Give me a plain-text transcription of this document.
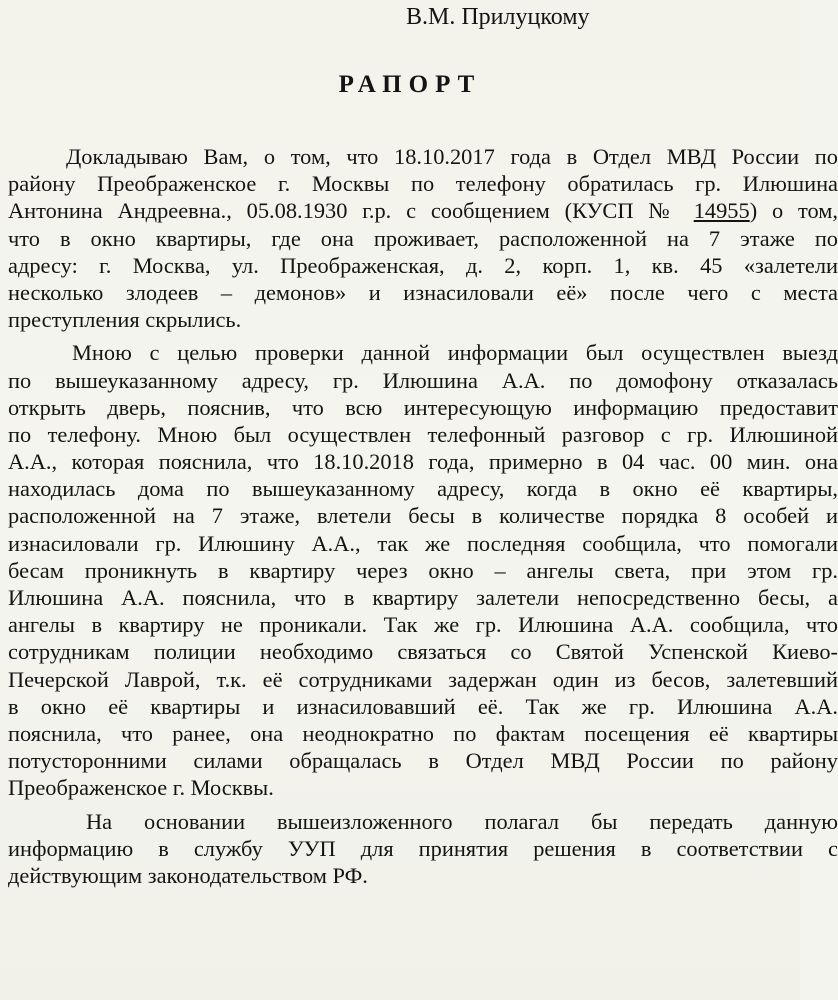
В.М. Прилуцкому
РАПОРТ
Докладываю Вам, о том, что 18.10.2017 года в Отдел МВД России по
району Преображенское г. Москвы по телефону обратилась гр. Илюшина
Антонина Андреевна., 05.08.1930 г.р. с сообщением (КУСП № 14955) о том,
что в окно квартиры, где она проживает, расположенной на 7 этаже по
адресу: г. Москва, ул. Преображенская, д. 2, корп. 1, кв. 45 «залетели
несколько злодеев – демонов» и изнасиловали её» после чего с места
преступления скрылись.
Мною с целью проверки данной информации был осуществлен выезд
по вышеуказанному адресу, гр. Илюшина А.А. по домофону отказалась
открыть дверь, пояснив, что всю интересующую информацию предоставит
по телефону. Мною был осуществлен телефонный разговор с гр. Илюшиной
А.А., которая пояснила, что 18.10.2018 года, примерно в 04 час. 00 мин. она
находилась дома по вышеуказанному адресу, когда в окно её квартиры,
расположенной на 7 этаже, влетели бесы в количестве порядка 8 особей и
изнасиловали гр. Илюшину А.А., так же последняя сообщила, что помогали
бесам проникнуть в квартиру через окно – ангелы света, при этом гр.
Илюшина А.А. пояснила, что в квартиру залетели непосредственно бесы, а
ангелы в квартиру не проникали. Так же гр. Илюшина А.А. сообщила, что
сотрудникам полиции необходимо связаться со Святой Успенской Киево-
Печерской Лаврой, т.к. её сотрудниками задержан один из бесов, залетевший
в окно её квартиры и изнасиловавший её. Так же гр. Илюшина А.А.
пояснила, что ранее, она неоднократно по фактам посещения её квартиры
потусторонними силами обращалась в Отдел МВД России по району
Преображенское г. Москвы.
На основании вышеизложенного полагал бы передать данную
информацию в службу УУП для принятия решения в соответствии с
действующим законодательством РФ.
